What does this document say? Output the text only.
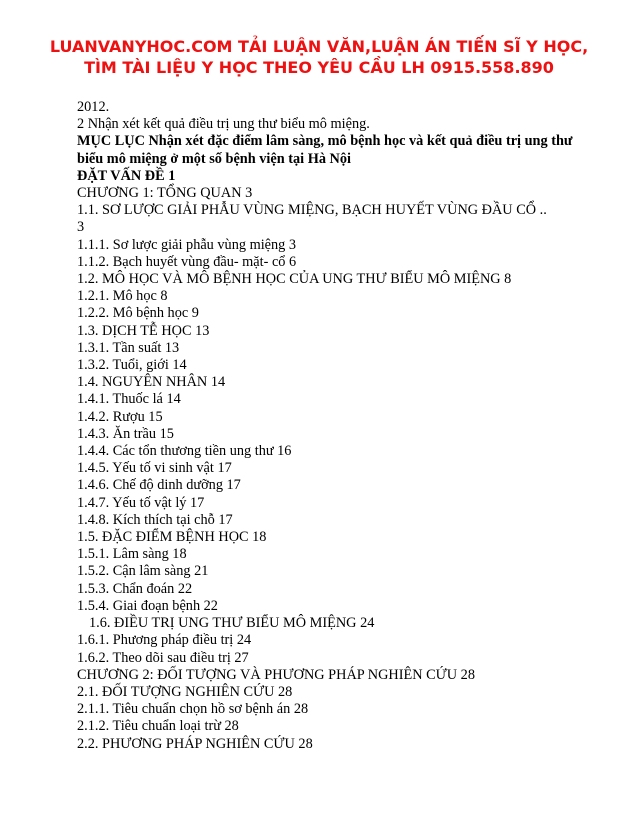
LUANVANYHOC.COM TẢI LUẬN VĂN,LUẬN ÁN TIẾN SĨ Y HỌC,
TÌM TÀI LIỆU Y HỌC THEO YÊU CẦU LH 0915.558.890
2012.
2 Nhận xét kết quả điều trị ung thư biểu mô miệng.
MỤC LỤC Nhận xét đặc điểm lâm sàng, mô bệnh học và kết quả điều trị ung thư biểu mô miệng ở một số bệnh viện tại Hà Nội
ĐẶT VẤN ĐỀ 1
CHƯƠNG 1: TỔNG QUAN 3
1.1. SƠ LƯỢC GIẢI PHẪU VÙNG MIỆNG, BẠCH HUYẾT VÙNG ĐẦU CỔ ..
3
1.1.1. Sơ lược giải phẫu vùng miệng 3
1.1.2. Bạch huyết vùng đầu- mặt- cổ 6
1.2. MÔ HỌC VÀ MÔ BỆNH HỌC CỦA UNG THƯ BIỂU MÔ MIỆNG 8
1.2.1. Mô học 8
1.2.2. Mô bệnh học 9
1.3. DỊCH TỄ HỌC 13
1.3.1. Tần suất 13
1.3.2. Tuổi, giới 14
1.4. NGUYÊN NHÂN 14
1.4.1. Thuốc lá 14
1.4.2. Rượu 15
1.4.3. Ăn trầu 15
1.4.4. Các tổn thương tiền ung thư 16
1.4.5. Yếu tố vi sinh vật 17
1.4.6. Chế độ dinh dưỡng 17
1.4.7. Yếu tố vật lý 17
1.4.8. Kích thích tại chỗ 17
1.5. ĐẶC ĐIỂM BỆNH HỌC 18
1.5.1. Lâm sàng 18
1.5.2. Cận lâm sàng 21
1.5.3. Chẩn đoán 22
1.5.4. Giai đoạn bệnh 22
1.6. ĐIỀU TRỊ UNG THƯ BIỂU MÔ MIỆNG 24
1.6.1. Phương pháp điều trị 24
1.6.2. Theo dõi sau điều trị 27
CHƯƠNG 2: ĐỐI TƯỢNG VÀ PHƯƠNG PHÁP NGHIÊN CỨU 28
2.1. ĐỐI TƯỢNG NGHIÊN CỨU 28
2.1.1. Tiêu chuẩn chọn hồ sơ bệnh án 28
2.1.2. Tiêu chuẩn loại trừ 28
2.2. PHƯƠNG PHÁP NGHIÊN CỨU 28
